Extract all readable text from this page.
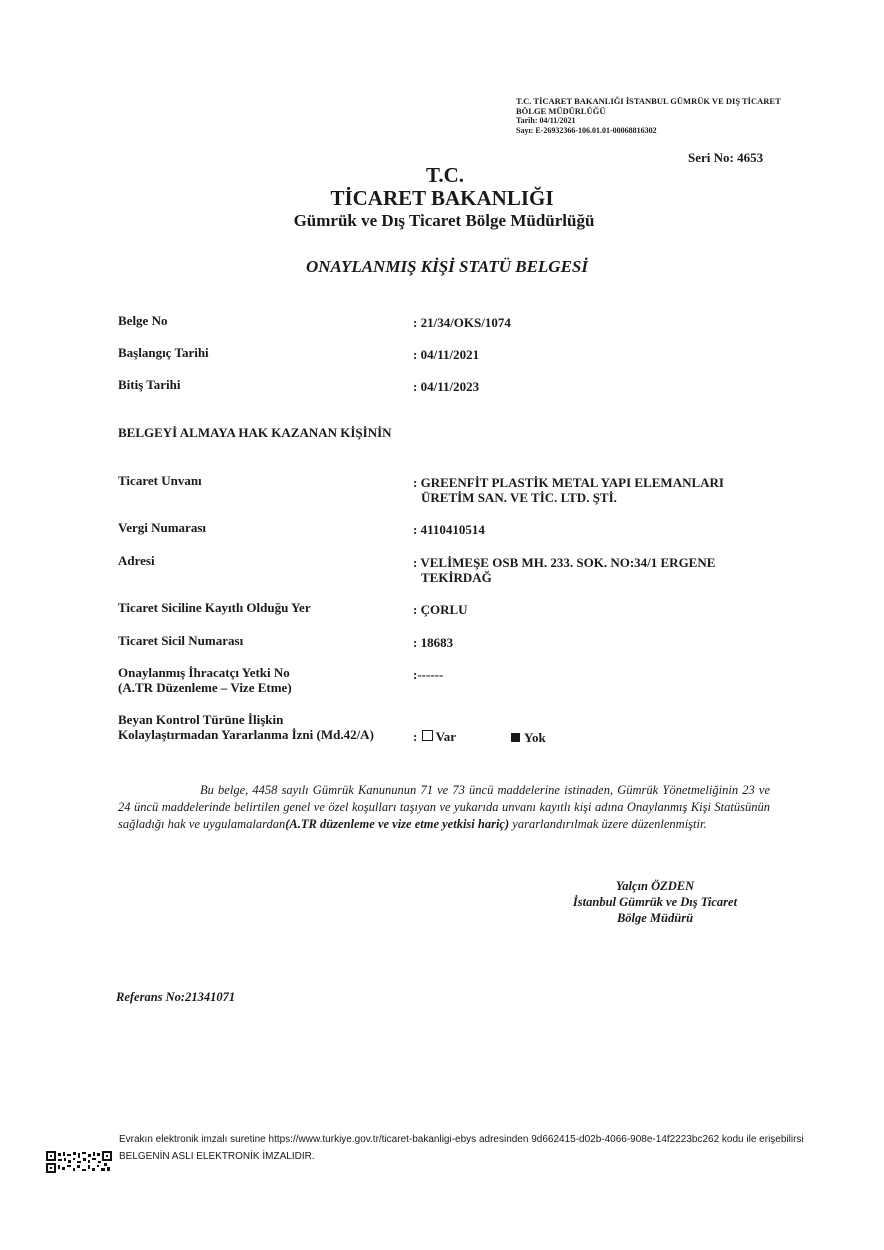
T.C. TİCARET BAKANLIĞI İSTANBUL GÜMRÜK VE DIŞ TİCARET
BÖLGE MÜDÜRLÜĞÜ
Tarih: 04/11/2021
Sayı: E-26932366-106.01.01-00068816302
Seri No: 4653
T.C.
TİCARET BAKANLIĞI
Gümrük ve Dış Ticaret Bölge Müdürlüğü
ONAYLANMIŞ KİŞİ STATÜ BELGESİ
Belge No	: 21/34/OKS/1074
Başlangıç Tarihi	: 04/11/2021
Bitiş Tarihi	: 04/11/2023
BELGEYİ ALMAYA HAK KAZANAN KİŞİNİN
Ticaret Unvanı	: GREENFİT PLASTİK METAL YAPI ELEMANLARI
ÜRETİM SAN. VE TİC. LTD. ŞTİ.
Vergi Numarası	: 4110410514
Adresi	: VELİMEŞE OSB MH. 233. SOK. NO:34/1 ERGENE
TEKİRDAĞ
Ticaret Siciline Kayıtlı Olduğu Yer	: ÇORLU
Ticaret Sicil Numarası	: 18683
Onaylanmış İhracatçı Yetki No
(A.TR Düzenleme – Vize Etme)
:------
Beyan Kontrol Türüne İlişkin
Kolaylaştırmadan Yararlanma İzni (Md.42/A)	: Var	Yok
Bu belge, 4458 sayılı Gümrük Kanununun 71 ve 73 üncü maddelerine istinaden, Gümrük Yönetmeliğinin 23 ve 24 üncü maddelerinde belirtilen genel ve özel koşulları taşıyan ve yukarıda unvanı kayıtlı kişi adına Onaylanmış Kişi Statüsünün sağladığı hak ve uygulamalardan(A.TR düzenleme ve vize etme yetkisi hariç) yararlandırılmak üzere düzenlenmiştir.
Yalçın ÖZDEN
İstanbul Gümrük ve Dış Ticaret
Bölge Müdürü
Referans No:21341071
Evrakın elektronik imzalı suretine https://www.turkiye.gov.tr/ticaret-bakanligi-ebys adresinden 9d662415-d02b-4066-908e-14f2223bc262 kodu ile erişebilirsi
BELGENİN ASLI ELEKTRONİK İMZALIDIR.
